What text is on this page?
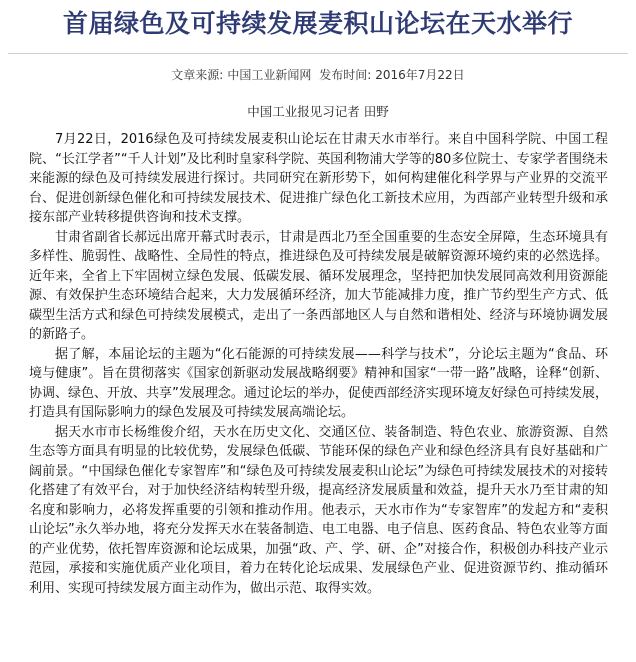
首届绿色及可持续发展麦积山论坛在天水举行
文章来源: 中国工业新闻网 发布时间: 2016年7月22日
中国工业报见习记者 田野

7月22日，2016绿色及可持续发展麦积山论坛在甘肃天水市举行。来自中国科学院、中国工程院、“长江学者”“千人计划”及比利时皇家科学院、英国利物浦大学等的80多位院士、专家学者围绕未来能源的绿色及可持续发展进行探讨。共同研究在新形势下，如何构建催化科学界与产业界的交流平台、促进创新绿色催化和可持续发展技术、促进推广绿色化工新技术应用，为西部产业转型升级和承接东部产业转移提供咨询和技术支撑。

甘肃省副省长郝远出席开幕式时表示，甘肃是西北乃至全国重要的生态安全屏障，生态环境具有多样性、脆弱性、战略性、全局性的特点，推进绿色及可持续发展是破解资源环境约束的必然选择。近年来，全省上下牢固树立绿色发展、低碳发展、循环发展理念，坚持把加快发展同高效利用资源能源、有效保护生态环境结合起来，大力发展循环经济，加大节能减排力度，推广节约型生产方式、低碳型生活方式和绿色可持续发展模式，走出了一条西部地区人与自然和谐相处、经济与环境协调发展的新路子。

据了解，本届论坛的主题为“化石能源的可持续发展——科学与技术”，分论坛主题为“食品、环境与健康”。旨在贯彻落实《国家创新驱动发展战略纲要》精神和国家“一带一路”战略，诠释“创新、协调、绿色、开放、共享”发展理念。通过论坛的举办，促使西部经济实现环境友好绿色可持续发展，打造具有国际影响力的绿色发展及可持续发展高端论坛。

据天水市市长杨维俊介绍，天水在历史文化、交通区位、装备制造、特色农业、旅游资源、自然生态等方面具有明显的比较优势，发展绿色低碳、节能环保的绿色产业和绿色经济具有良好基础和广阔前景。“中国绿色催化专家智库”和“绿色及可持续发展麦积山论坛”为绿色可持续发展技术的对接转化搭建了有效平台，对于加快经济结构转型升级，提高经济发展质量和效益，提升天水乃至甘肃的知名度和影响力，必将发挥重要的引领和推动作用。他表示，天水市作为“专家智库”的发起方和“麦积山论坛”永久举办地，将充分发挥天水在装备制造、电工电器、电子信息、医药食品、特色农业等方面的产业优势，依托智库资源和论坛成果，加强“政、产、学、研、企”对接合作，积极创办科技产业示范园，承接和实施优质产业化项目，着力在转化论坛成果、发展绿色产业、促进资源节约、推动循环利用、实现可持续发展方面主动作为，做出示范、取得实效。
